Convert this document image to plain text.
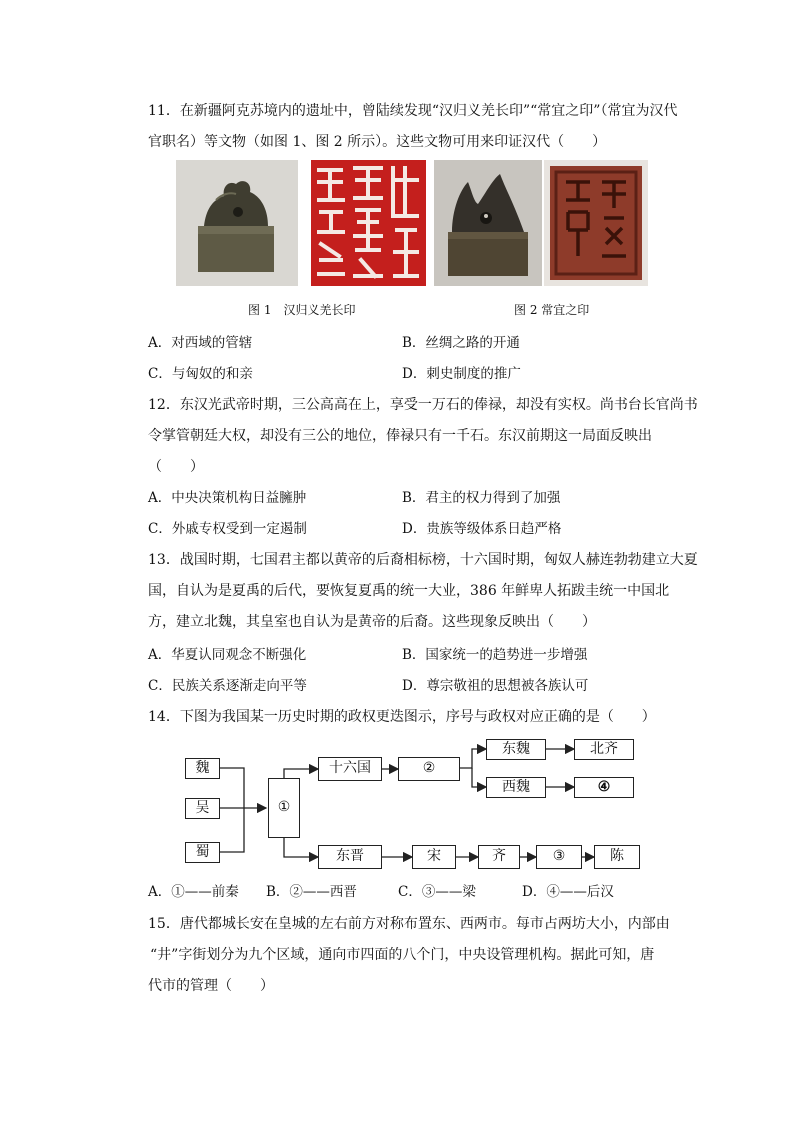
11．在新疆阿克苏境内的遗址中，曾陆续发现“汉归义羌长印”“常宜之印”（常宜为汉代
官职名）等文物（如图 1、图 2 所示）。这些文物可用来印证汉代（　　）
图 1　汉归义羌长印	图 2 常宜之印
A．对西域的管辖	B．丝绸之路的开通
C．与匈奴的和亲	D．刺史制度的推广
12．东汉光武帝时期，三公高高在上，享受一万石的俸禄，却没有实权。尚书台长官尚书
令掌管朝廷大权，却没有三公的地位，俸禄只有一千石。东汉前期这一局面反映出
（　　）
A．中央决策机构日益臃肿	B．君主的权力得到了加强
C．外戚专权受到一定遏制	D．贵族等级体系日趋严格
13．战国时期，七国君主都以黄帝的后裔相标榜，十六国时期，匈奴人赫连勃勃建立大夏
国，自认为是夏禹的后代，要恢复夏禹的统一大业，386 年鲜卑人拓跋圭统一中国北
方，建立北魏，其皇室也自认为是黄帝的后裔。这些现象反映出（　　）
A．华夏认同观念不断强化	B．国家统一的趋势进一步增强
C．民族关系逐渐走向平等	D．尊宗敬祖的思想被各族认可
14．下图为我国某一历史时期的政权更迭图示，序号与政权对应正确的是（　　）
魏
吴
蜀
①
十六国	②
东魏	北齐
西魏	④
东晋	宋	齐	③	陈
A．①——前秦 B．②——西晋	C．③——梁	D．④——后汉
15．唐代都城长安在皇城的左右前方对称布置东、西两市。每市占两坊大小，内部由
“井”字街划分为九个区域，通向市四面的八个门，中央设管理机构。据此可知，唐
代市的管理（　　）
